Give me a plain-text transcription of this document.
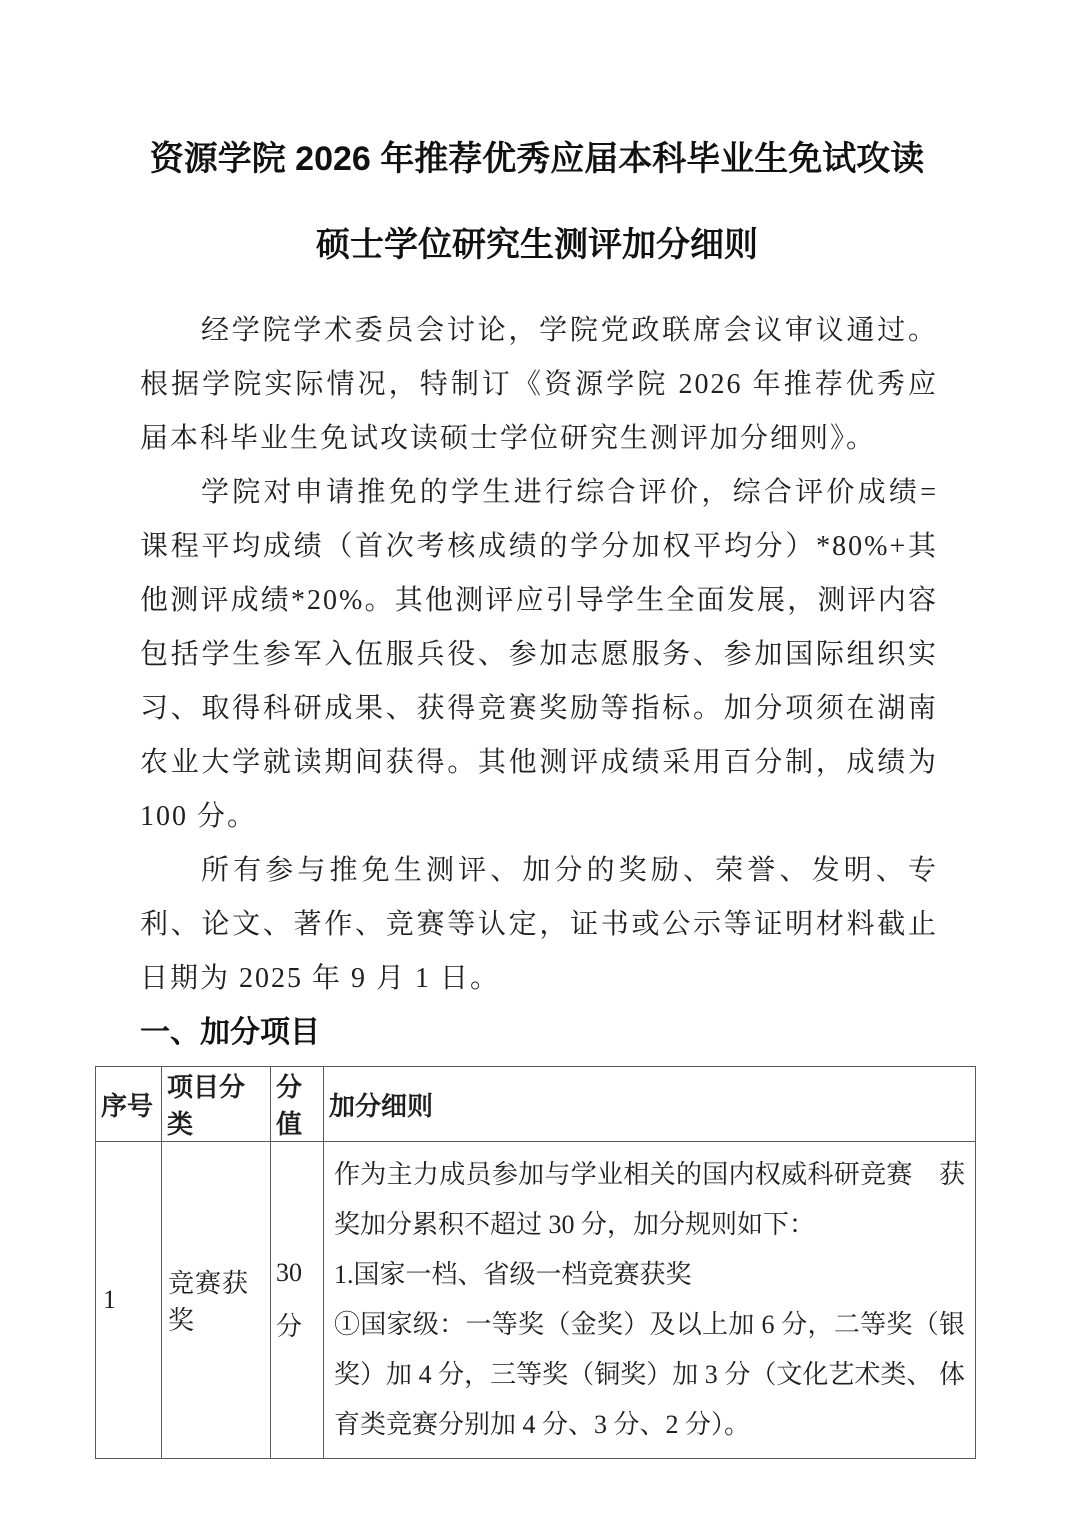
资源学院 2026 年推荐优秀应届本科毕业生免试攻读
硕士学位研究生测评加分细则

经学院学术委员会讨论，学院党政联席会议审议通过。根据学院实际情况，特制订《资源学院 2026 年推荐优秀应届本科毕业生免试攻读硕士学位研究生测评加分细则》。

学院对申请推免的学生进行综合评价，综合评价成绩=课程平均成绩（首次考核成绩的学分加权平均分）*80%+其他测评成绩*20%。其他测评应引导学生全面发展，测评内容包括学生参军入伍服兵役、参加志愿服务、参加国际组织实习、取得科研成果、获得竞赛奖励等指标。加分项须在湖南农业大学就读期间获得。其他测评成绩采用百分制，成绩为 100 分。

所有参与推免生测评、加分的奖励、荣誉、发明、专利、论文、著作、竞赛等认定，证书或公示等证明材料截止日期为 2025 年 9 月 1 日。

一、加分项目
序号	项目分类	分值	加分细则
1	竞赛获奖	30 分	作为主力成员参加与学业相关的国内权威科研竞赛　获奖加分累积不超过 30 分，加分规则如下：

1.国家一档、省级一档竞赛获奖

①国家级：一等奖（金奖）及以上加 6 分，二等奖（银奖）加 4 分，三等奖（铜奖）加 3 分（文化艺术类、 体育类竞赛分别加 4 分、3 分、2 分）。
